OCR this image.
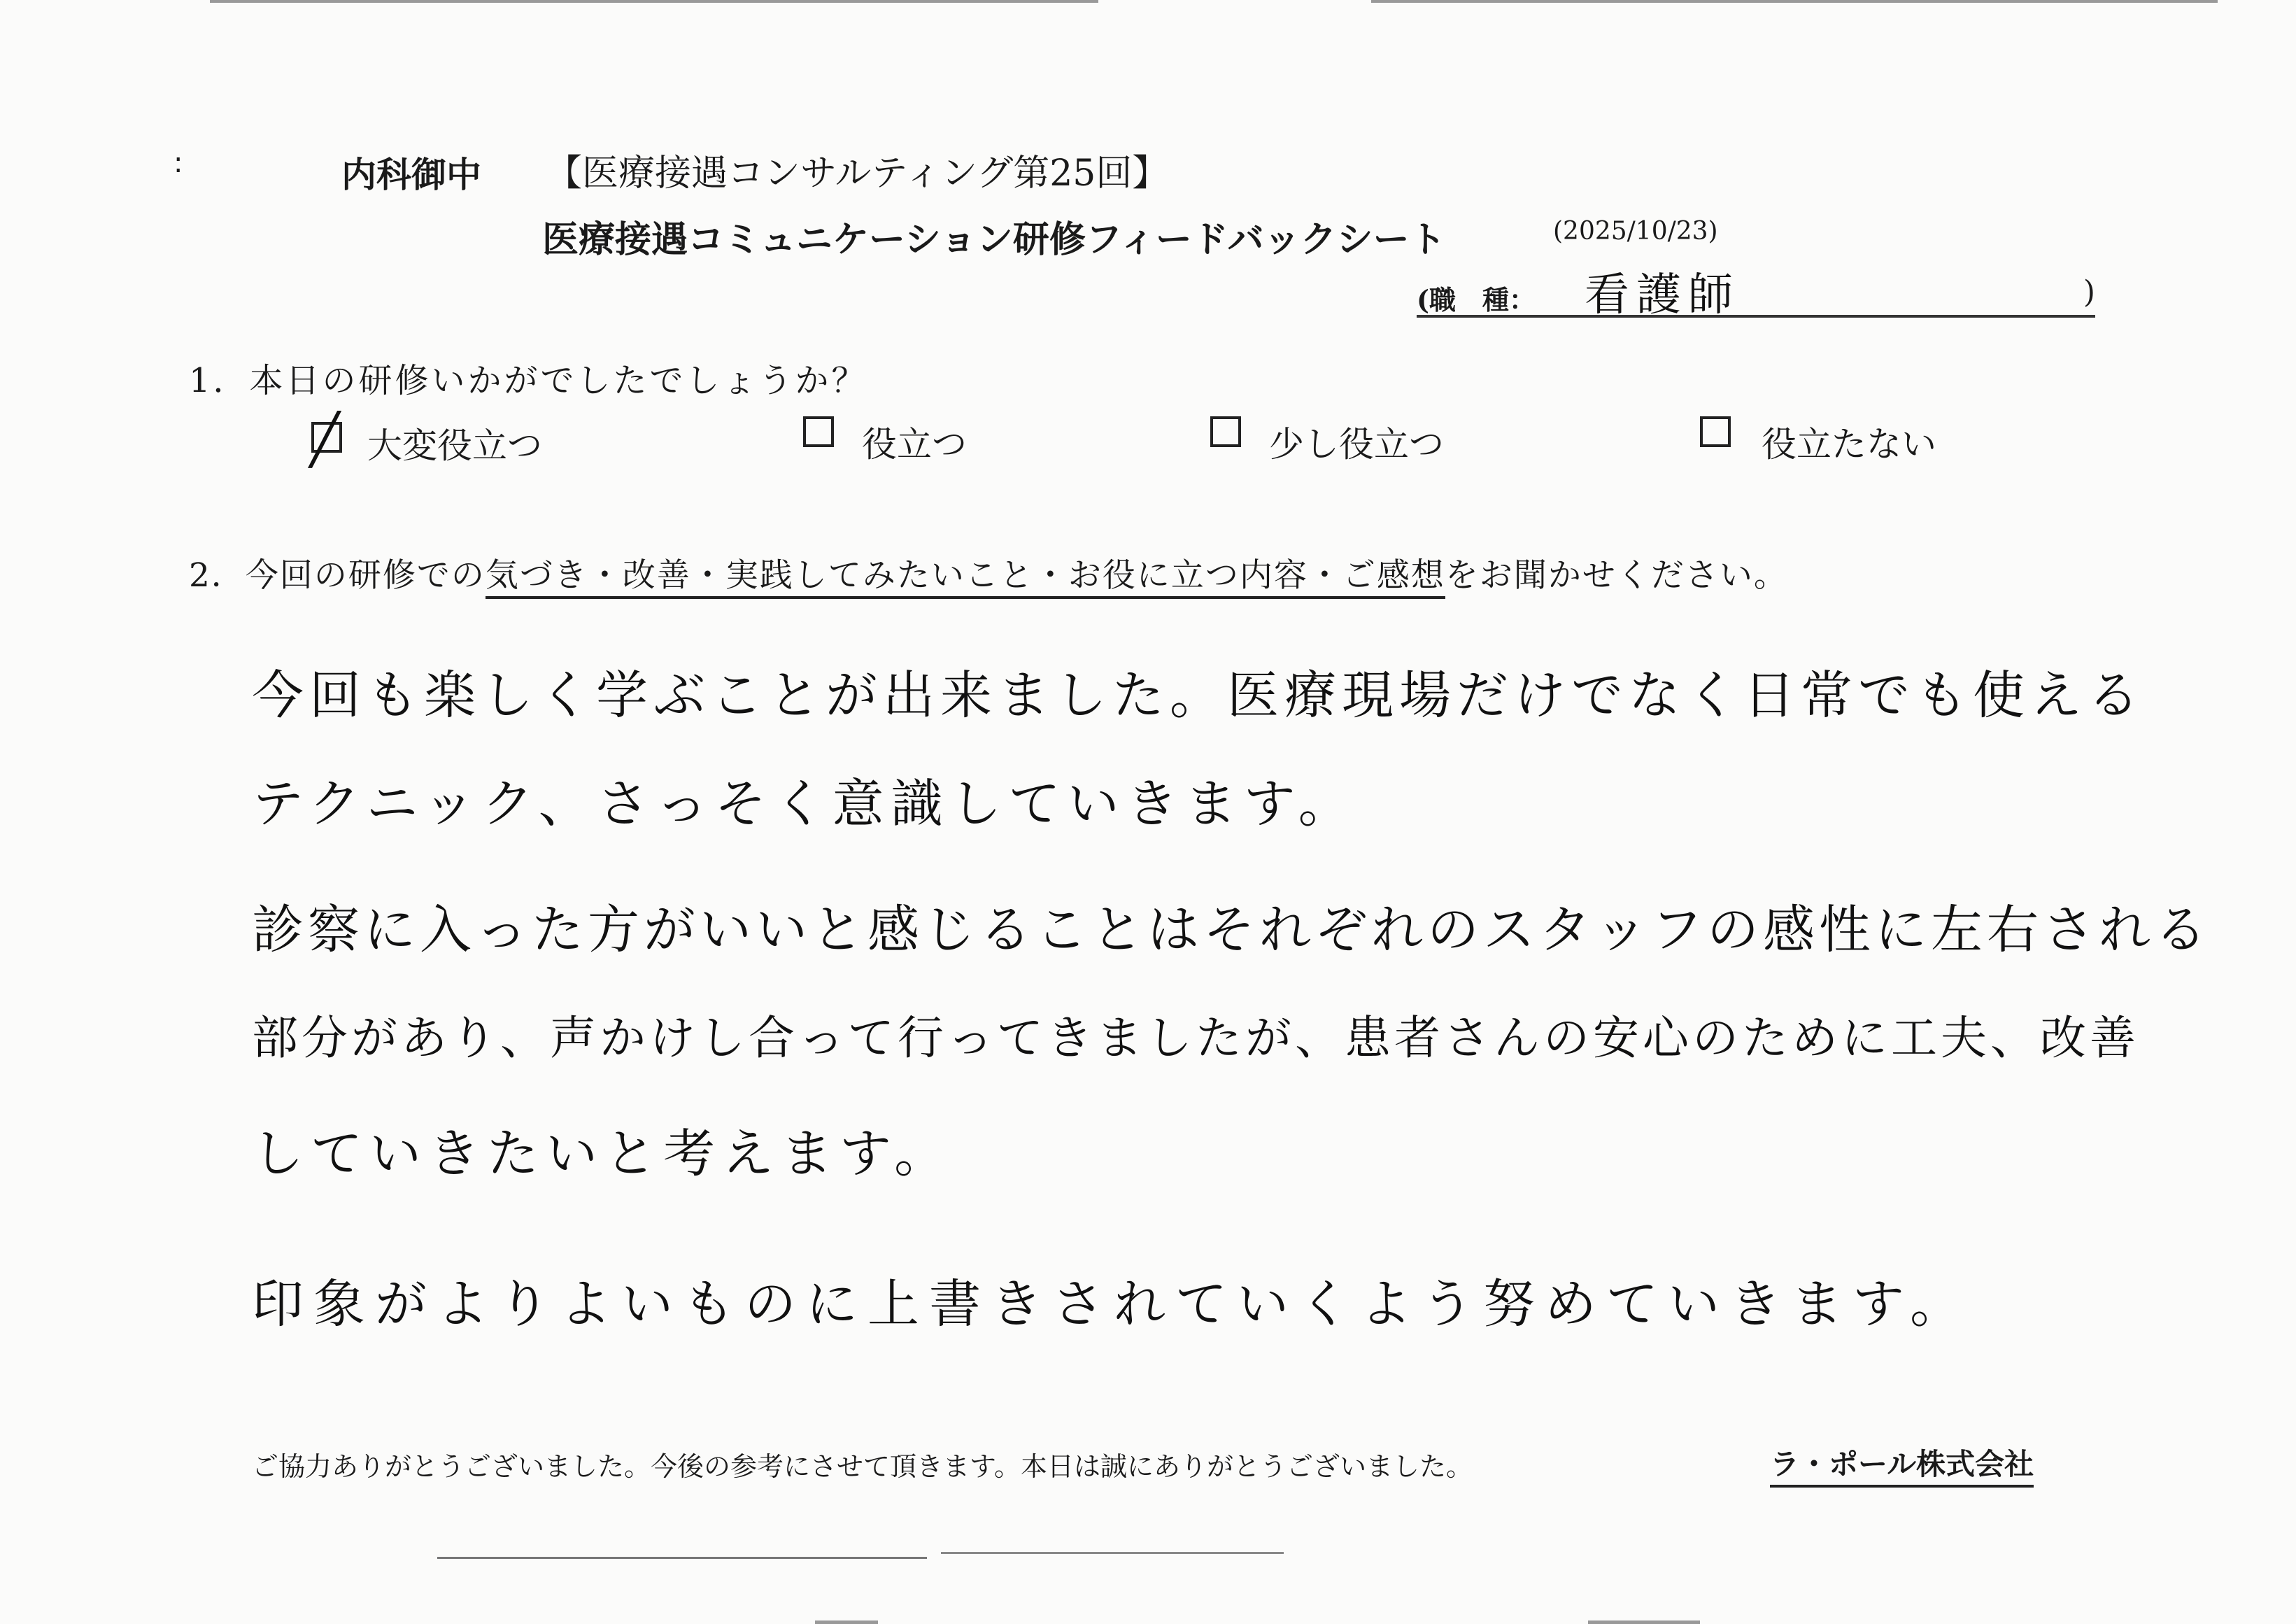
:	内科御中 【医療接遇コンサルティング第25回】
医療接遇コミュニケーション研修フィードバックシート	(2025/10/23)
(職　種： 看護師	)
1．本日の研修いかがでしたでしょうか？
╱ 大変役立つ	役立つ	少し役立つ	役立たない
2．今回の研修での気づき・改善・実践してみたいこと・お役に立つ内容・ご感想をお聞かせください。
今回も楽しく学ぶことが出来ました。医療現場だけでなく日常でも使える
テクニック、さっそく意識していきます。
診察に入った方がいいと感じることはそれぞれのスタッフの感性に左右される
部分があり、声かけし合って行ってきましたが、患者さんの安心のために工夫、改善
していきたいと考えます。
印象がよりよいものに上書きされていくよう努めていきます。
ご協力ありがとうございました。今後の参考にさせて頂きます。本日は誠にありがとうございました。	ラ・ポール株式会社
